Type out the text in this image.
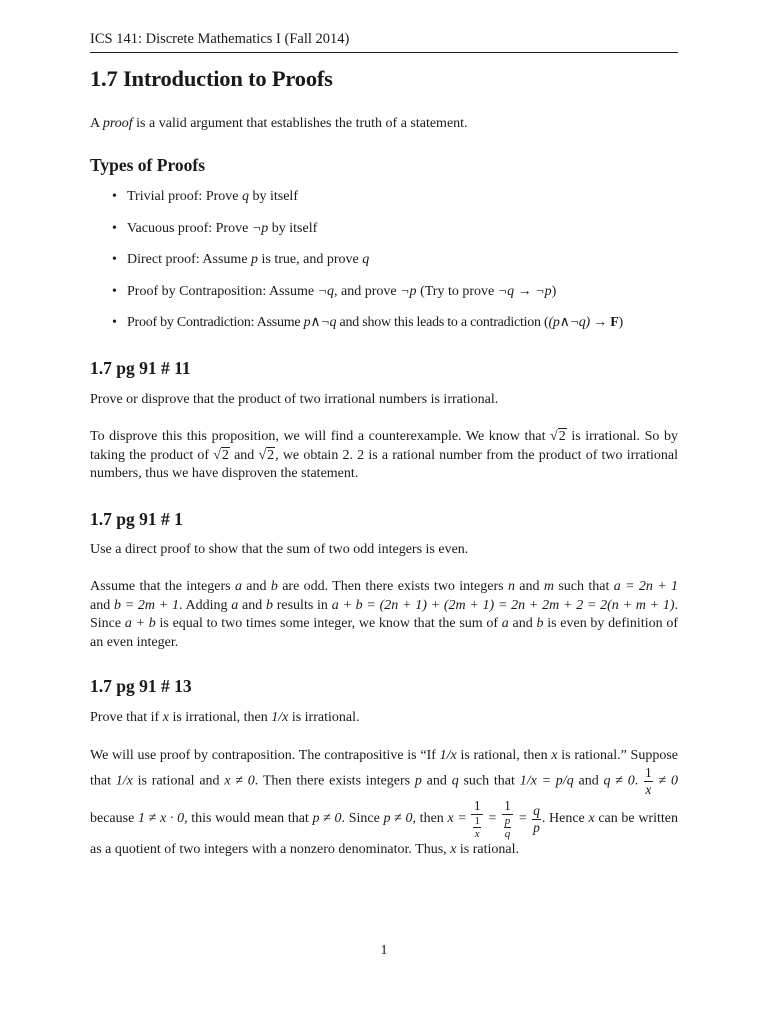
ICS 141: Discrete Mathematics I (Fall 2014)
1.7 Introduction to Proofs

A proof is a valid argument that establishes the truth of a statement.

Types of Proofs
• Trivial proof: Prove q by itself
• Vacuous proof: Prove ¬p by itself
• Direct proof: Assume p is true, and prove q
• Proof by Contraposition: Assume ¬q, and prove ¬p (Try to prove ¬q → ¬p)
• Proof by Contradiction: Assume p∧¬q and show this leads to a contradiction ((p∧¬q) → F)
1.7 pg 91 # 11

Prove or disprove that the product of two irrational numbers is irrational.

To disprove this this proposition, we will find a counterexample. We know that √2 is irrational. So by taking the product of √2 and √2, we obtain 2. 2 is a rational number from the product of two irrational numbers, thus we have disproven the statement.

1.7 pg 91 # 1

Use a direct proof to show that the sum of two odd integers is even.

Assume that the integers a and b are odd. Then there exists two integers n and m such that a = 2n + 1 and b = 2m + 1. Adding a and b results in a + b = (2n + 1) + (2m + 1) = 2n + 2m + 2 = 2(n + m + 1). Since a + b is equal to two times some integer, we know that the sum of a and b is even by definition of an even integer.

1.7 pg 91 # 13

Prove that if x is irrational, then 1/x is irrational.

We will use proof by contraposition. The contrapositive is “If 1/x is rational, then x is rational.” Suppose that 1/x is rational and x ≠ 0. Then there exists integers p and q such that 1/x = p/q and q ≠ 0. $\frac{1}{x} \ne 0$ because 1 ≠ x · 0, this would mean that p ≠ 0. Since p ≠ 0, then x = 1
1
x = 1
p
$q = \frac{q}{p}$ . Hence x can be written as a quotient of two integers with a nonzero denominator. Thus, x is rational.

1
